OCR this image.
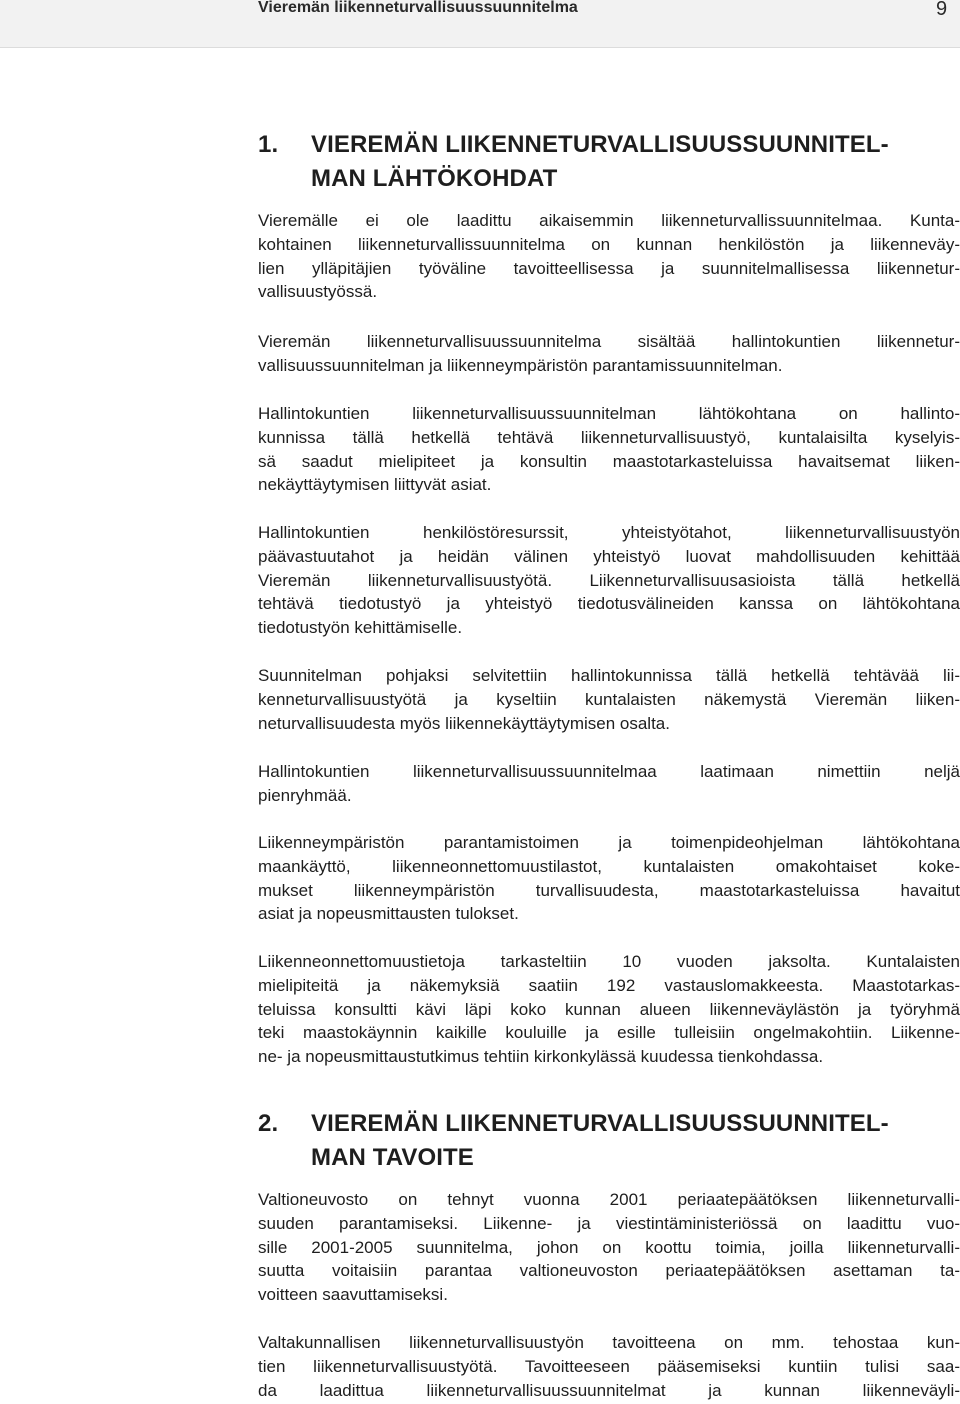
Vieremän liikenneturvallisuussuunnitelma	9
1. VIEREMÄN LIIKENNETURVALLISUUSSUUNNITEL-
MAN LÄHTÖKOHDAT
Vieremälle ei ole laadittu aikaisemmin liikenneturvallissuunnitelmaa. Kunta-
kohtainen liikenneturvallissuunnitelma on kunnan henkilöstön ja liikenneväy-
lien ylläpitäjien työväline tavoitteellisessa ja suunnitelmallisessa liikennetur-
vallisuustyössä.
Vieremän liikenneturvallisuussuunnitelma sisältää hallintokuntien liikennetur-
vallisuussuunnitelman ja liikenneympäristön parantamissuunnitelman.
Hallintokuntien liikenneturvallisuussuunnitelman lähtökohtana on hallinto-
kunnissa tällä hetkellä tehtävä liikenneturvallisuustyö, kuntalaisilta kyselyis-
sä saadut mielipiteet ja konsultin maastotarkasteluissa havaitsemat liiken-
nekäyttäytymisen liittyvät asiat.
Hallintokuntien henkilöstöresurssit, yhteistyötahot, liikenneturvallisuustyön
päävastuutahot ja heidän välinen yhteistyö luovat mahdollisuuden kehittää
Vieremän liikenneturvallisuustyötä. Liikenneturvallisuusasioista tällä hetkellä
tehtävä tiedotustyö ja yhteistyö tiedotusvälineiden kanssa on lähtökohtana
tiedotustyön kehittämiselle.
Suunnitelman pohjaksi selvitettiin hallintokunnissa tällä hetkellä tehtävää lii-
kenneturvallisuustyötä ja kyseltiin kuntalaisten näkemystä Vieremän liiken-
neturvallisuudesta myös liikennekäyttäytymisen osalta.
Hallintokuntien liikenneturvallisuussuunnitelmaa laatimaan nimettiin neljä
pienryhmää.
Liikenneympäristön parantamistoimen ja toimenpideohjelman lähtökohtana
maankäyttö, liikenneonnettomuustilastot, kuntalaisten omakohtaiset koke-
mukset liikenneympäristön turvallisuudesta, maastotarkasteluissa havaitut
asiat ja nopeusmittausten tulokset.
Liikenneonnettomuustietoja tarkasteltiin 10 vuoden jaksolta. Kuntalaisten
mielipiteitä ja näkemyksiä saatiin 192 vastauslomakkeesta. Maastotarkas-
teluissa konsultti kävi läpi koko kunnan alueen liikenneväylästön ja työryhmä
teki maastokäynnin kaikille kouluille ja esille tulleisiin ongelmakohtiin. Liikenne-
ne- ja nopeusmittaustutkimus tehtiin kirkonkylässä kuudessa tienkohdassa.
2. VIEREMÄN LIIKENNETURVALLISUUSSUUNNITEL-
MAN TAVOITE
Valtioneuvosto on tehnyt vuonna 2001 periaatepäätöksen liikenneturvalli-
suuden parantamiseksi. Liikenne- ja viestintäministeriössä on laadittu vuo-
sille 2001-2005 suunnitelma, johon on koottu toimia, joilla liikenneturvalli-
suutta voitaisiin parantaa valtioneuvoston periaatepäätöksen asettaman ta-
voitteen saavuttamiseksi.
Valtakunnallisen liikenneturvallisuustyön tavoitteena on mm. tehostaa kun-
tien liikenneturvallisuustyötä. Tavoitteeseen pääsemiseksi kuntiin tulisi saa-
da laadittua liikenneturvallisuussuunnitelmat ja kunnan liikenneväyli-
